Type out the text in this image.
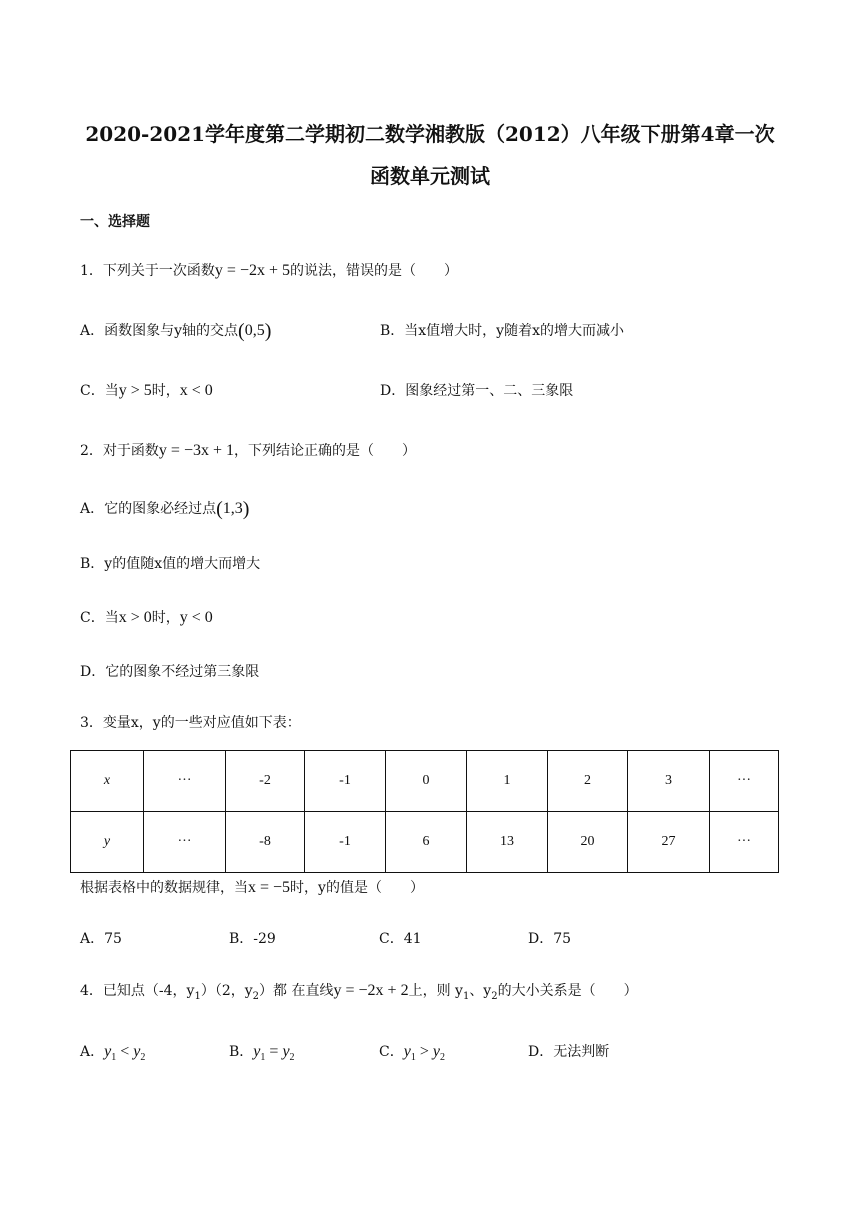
2020-2021学年度第二学期初二数学湘教版（2012）八年级下册第4章一次
函数单元测试
一、选择题
1．下列关于一次函数y = −2x + 5的说法，错误的是（　　）
A．函数图象与y轴的交点(0,5)	B．当x值增大时，y随着x的增大而减小
C．当y > 5时，x < 0	D．图象经过第一、二、三象限
2．对于函数y = −3x + 1，下列结论正确的是（　　）
A．它的图象必经过点(1,3)
B．y的值随x值的增大而增大
C．当x > 0时，y < 0
D．它的图象不经过第三象限
3．变量x，y的一些对应值如下表：
x	···	-2	-1	0	1	2	3	···
y	···	-8	-1	6	13	20	27	···
根据表格中的数据规律，当x = −5时，y的值是（　　）
A．75	B．-29	C．41	D．75
4．已知点（-4，$y_1)(2$，$y_2$）都 在直线y = −2x + 2上，则 $y_1$、$y_2$的大小关系是（　　）
A．$y_1 < y_2$	B．$y_1 = y_2$	C．$y_1 > y_2$	D．无法判断
